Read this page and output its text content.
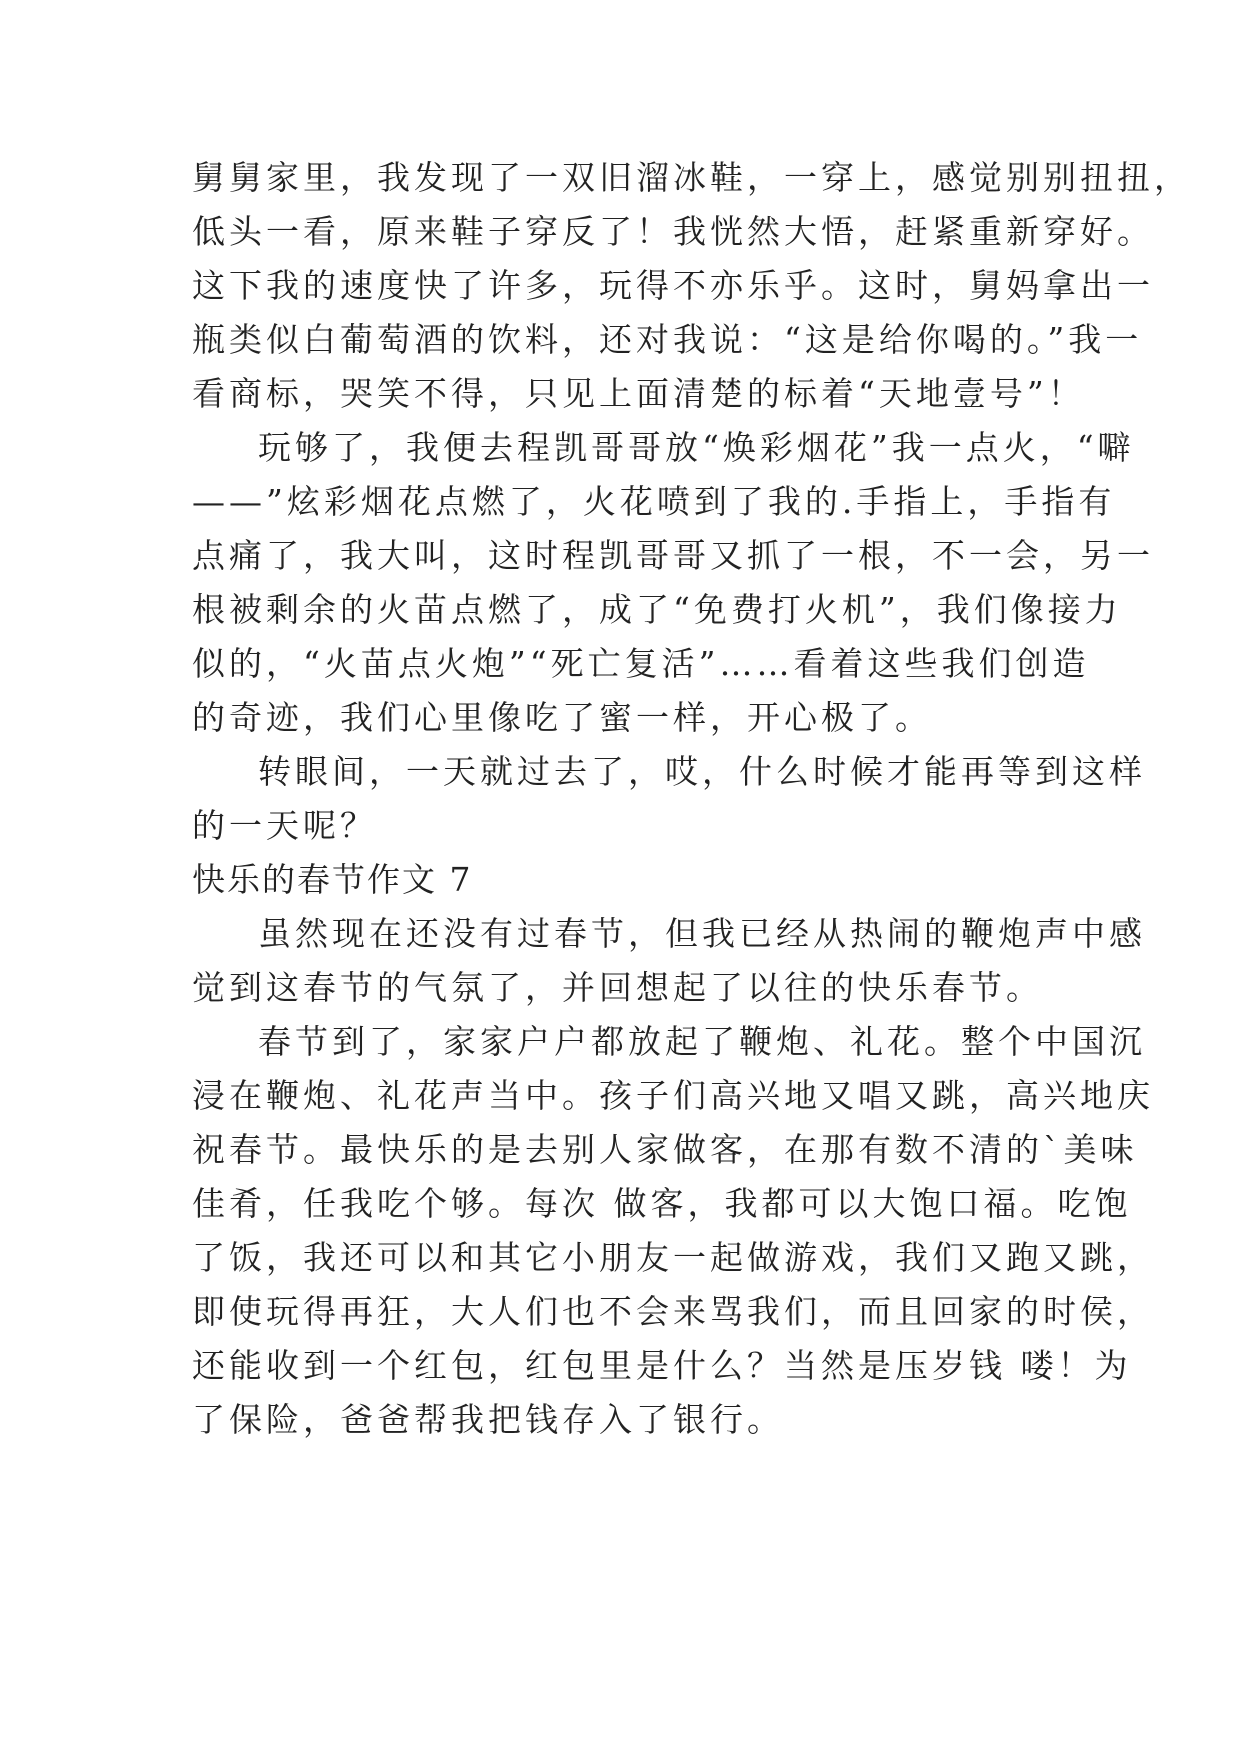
舅舅家里，我发现了一双旧溜冰鞋，一穿上，感觉别别扭扭，
低头一看，原来鞋子穿反了！我恍然大悟，赶紧重新穿好。
这下我的速度快了许多，玩得不亦乐乎。这时，舅妈拿出一
瓶类似白葡萄酒的饮料，还对我说：“这是给你喝的。”我一
看商标，哭笑不得，只见上面清楚的标着“天地壹号”！
玩够了，我便去程凯哥哥放“焕彩烟花”我一点火，“噼
——”炫彩烟花点燃了，火花喷到了我的.手指上，手指有
点痛了，我大叫，这时程凯哥哥又抓了一根，不一会，另一
根被剩余的火苗点燃了，成了“免费打火机”，我们像接力
似的，“火苗点火炮”“死亡复活”……看着这些我们创造
的奇迹，我们心里像吃了蜜一样，开心极了。
转眼间，一天就过去了，哎，什么时候才能再等到这样
的一天呢？
快乐的春节作文 7
虽然现在还没有过春节，但我已经从热闹的鞭炮声中感
觉到这春节的气氛了，并回想起了以往的快乐春节。
春节到了，家家户户都放起了鞭炮、礼花。整个中国沉
浸在鞭炮、礼花声当中。孩子们高兴地又唱又跳，高兴地庆
祝春节。最快乐的是去别人家做客，在那有数不清的`美味
佳肴，任我吃个够。每次 做客，我都可以大饱口福。吃饱
了饭，我还可以和其它小朋友一起做游戏，我们又跑又跳，
即使玩得再狂，大人们也不会来骂我们，而且回家的时侯，
还能收到一个红包，红包里是什么？当然是压岁钱 喽！为
了保险，爸爸帮我把钱存入了银行。
